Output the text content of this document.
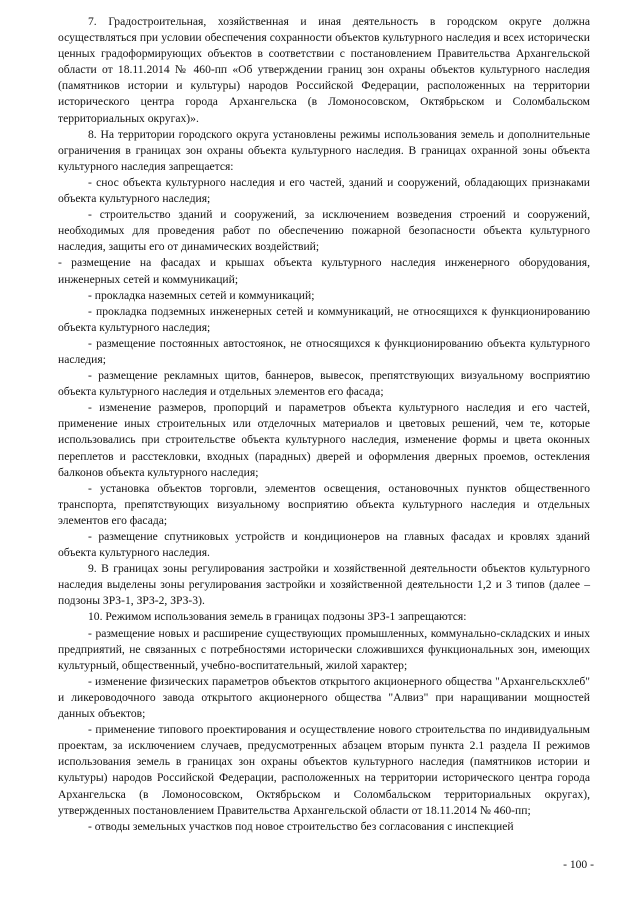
7. Градостроительная, хозяйственная и иная деятельность в городском округе должна осуществляться при условии обеспечения сохранности объектов культурного наследия и всех исторически ценных градоформирующих объектов в соответствии с постановлением Правительства Архангельской области от 18.11.2014 № 460-пп «Об утверждении границ зон охраны объектов культурного наследия (памятников истории и культуры) народов Российской Федерации, расположенных на территории исторического центра города Архангельска (в Ломоносовском, Октябрьском и Соломбальском территориальных округах)».

8. На территории городского округа установлены режимы использования земель и дополнительные ограничения в границах зон охраны объекта культурного наследия. В границах охранной зоны объекта культурного наследия запрещается:

- снос объекта культурного наследия и его частей, зданий и сооружений, обладающих признаками объекта культурного наследия;

- строительство зданий и сооружений, за исключением возведения строений и сооружений, необходимых для проведения работ по обеспечению пожарной безопасности объекта культурного наследия, защиты его от динамических воздействий;

- размещение на фасадах и крышах объекта культурного наследия инженерного оборудования, инженерных сетей и коммуникаций;

- прокладка наземных сетей и коммуникаций;

- прокладка подземных инженерных сетей и коммуникаций, не относящихся к функционированию объекта культурного наследия;

- размещение постоянных автостоянок, не относящихся к функционированию объекта культурного наследия;

- размещение рекламных щитов, баннеров, вывесок, препятствующих визуальному восприятию объекта культурного наследия и отдельных элементов его фасада;

- изменение размеров, пропорций и параметров объекта культурного наследия и его частей, применение иных строительных или отделочных материалов и цветовых решений, чем те, которые использовались при строительстве объекта культурного наследия, изменение формы и цвета оконных переплетов и расстекловки, входных (парадных) дверей и оформления дверных проемов, остекления балконов объекта культурного наследия;

- установка объектов торговли, элементов освещения, остановочных пунктов общественного транспорта, препятствующих визуальному восприятию объекта культурного наследия и отдельных элементов его фасада;

- размещение спутниковых устройств и кондиционеров на главных фасадах и кровлях зданий объекта культурного наследия.

9. В границах зоны регулирования застройки и хозяйственной деятельности объектов культурного наследия выделены зоны регулирования застройки и хозяйственной деятельности 1,2 и 3 типов (далее – подзоны ЗРЗ-1, ЗРЗ-2, ЗРЗ-3).

10. Режимом использования земель в границах подзоны ЗРЗ-1 запрещаются:

- размещение новых и расширение существующих промышленных, коммунально-складских и иных предприятий, не связанных с потребностями исторически сложившихся функциональных зон, имеющих культурный, общественный, учебно-воспитательный, жилой характер;

- изменение физических параметров объектов открытого акционерного общества "Архангельскхлеб" и ликероводочного завода открытого акционерного общества "Алвиз" при наращивании мощностей данных объектов;

- применение типового проектирования и осуществление нового строительства по индивидуальным проектам, за исключением случаев, предусмотренных абзацем вторым пункта 2.1 раздела II режимов использования земель в границах зон охраны объектов культурного наследия (памятников истории и культуры) народов Российской Федерации, расположенных на территории исторического центра города Архангельска (в Ломоносовском, Октябрьском и Соломбальском территориальных округах), утвержденных постановлением Правительства Архангельской области от 18.11.2014 № 460-пп;

- отводы земельных участков под новое строительство без согласования с инспекцией

- 100 -
